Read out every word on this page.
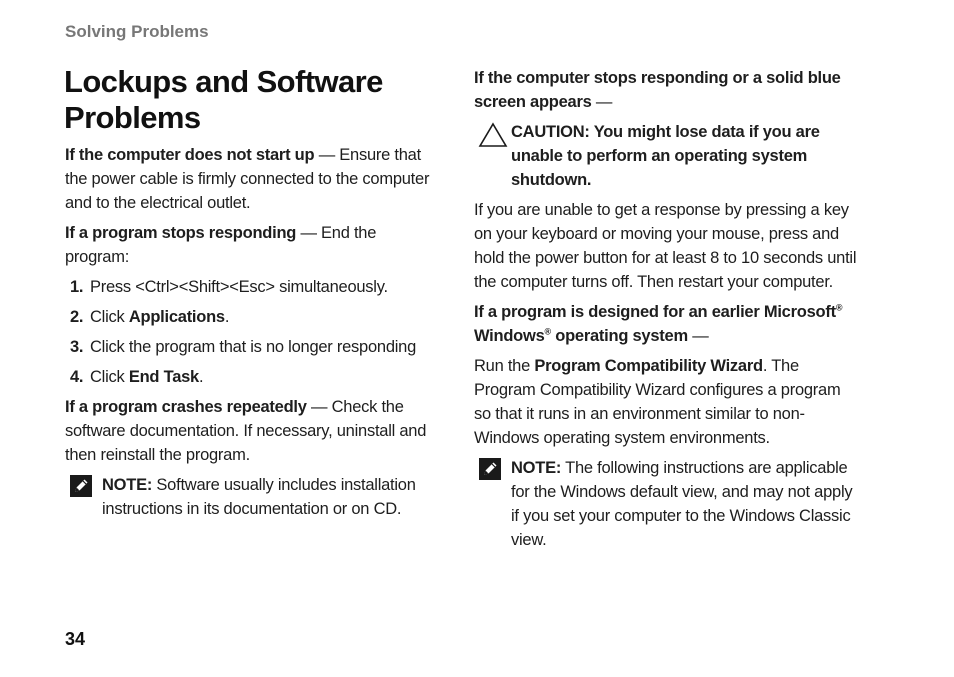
Solving Problems
Lockups and Software Problems

If the computer does not start up — Ensure that the power cable is firmly connected to the computer and to the electrical outlet.

If a program stops responding — End the program:

1. Press <Ctrl><Shift><Esc> simultaneously.
2. Click Applications.
3. Click the program that is no longer responding
4. Click End Task.

If a program crashes repeatedly — Check the software documentation. If necessary, uninstall and then reinstall the program.

NOTE: Software usually includes installation instructions in its documentation or on CD.

If the computer stops responding or a solid blue screen appears —

CAUTION: You might lose data if you are unable to perform an operating system shutdown.

If you are unable to get a response by pressing a key on your keyboard or moving your mouse, press and hold the power button for at least 8 to 10 seconds until the computer turns off. Then restart your computer.

If a program is designed for an earlier Microsoft® Windows® operating system —

Run the Program Compatibility Wizard. The Program Compatibility Wizard configures a program so that it runs in an environment similar to non-Windows operating system environments.

NOTE: The following instructions are applicable for the Windows default view, and may not apply if you set your computer to the Windows Classic view.
34
